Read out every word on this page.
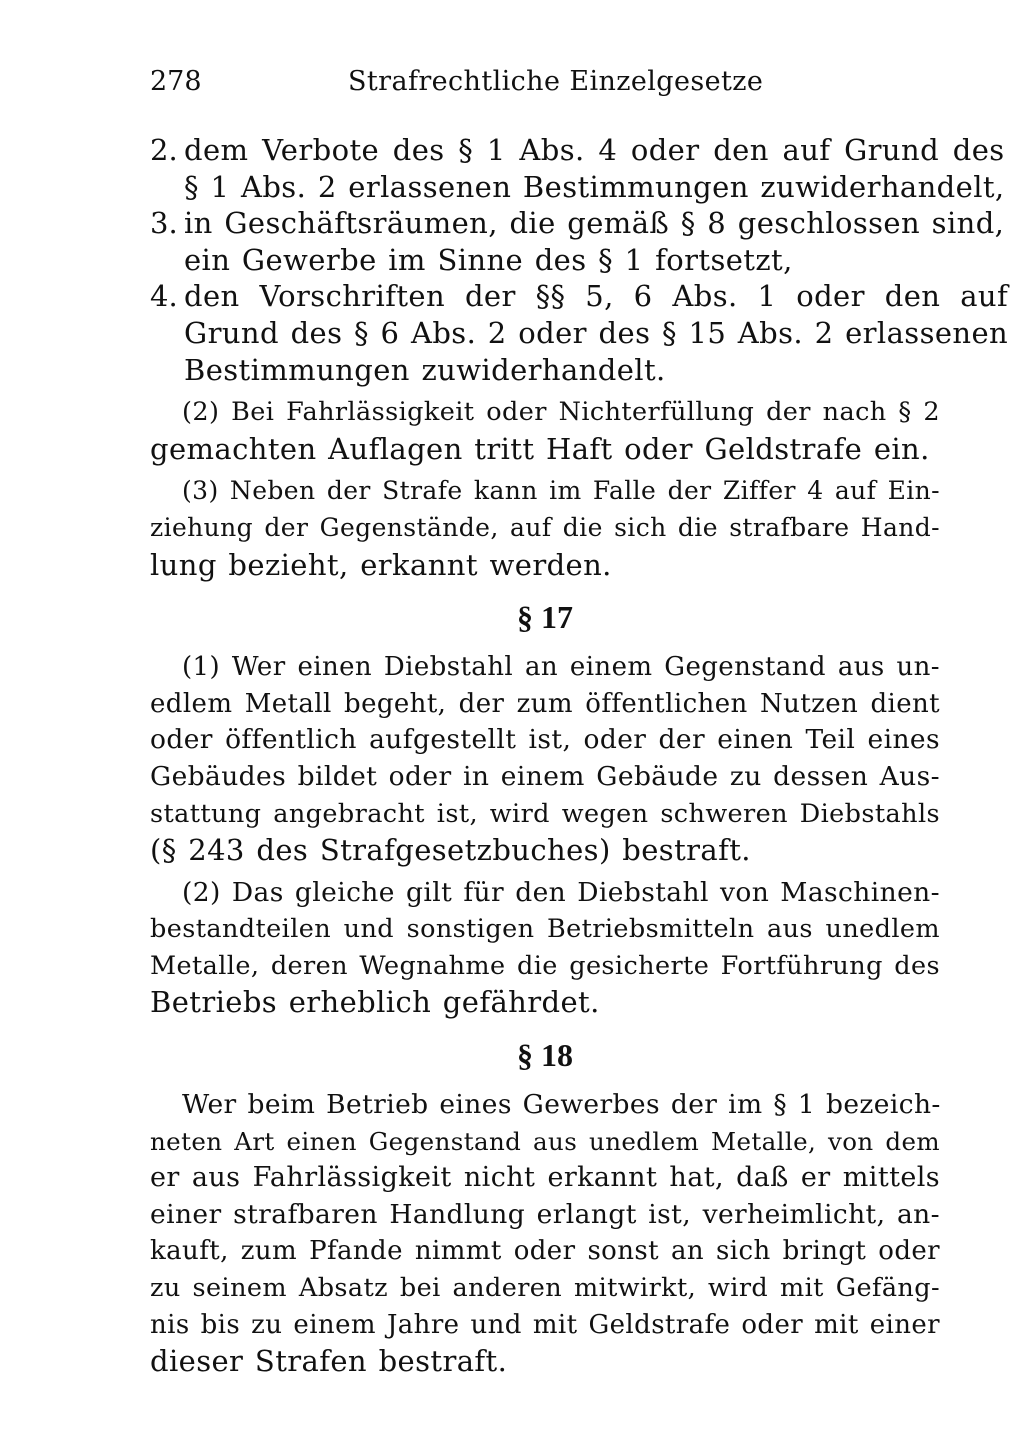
278	Strafrechtliche Einzelgesetze
2. dem Verbote des § 1 Abs. 4 oder den auf Grund des
§ 1 Abs. 2 erlassenen Bestimmungen zuwiderhandelt,
3. in Geschäftsräumen, die gemäß § 8 geschlossen sind,
ein Gewerbe im Sinne des § 1 fortsetzt,
4. den Vorschriften der §§ 5, 6 Abs. 1 oder den auf
Grund des § 6 Abs. 2 oder des § 15 Abs. 2 erlassenen
Bestimmungen zuwiderhandelt.
(2) Bei Fahrlässigkeit oder Nichterfüllung der nach § 2
gemachten Auflagen tritt Haft oder Geldstrafe ein.
(3) Neben der Strafe kann im Falle der Ziffer 4 auf Ein-
ziehung der Gegenstände, auf die sich die strafbare Hand-
lung bezieht, erkannt werden.
§ 17
(1) Wer einen Diebstahl an einem Gegenstand aus un-
edlem Metall begeht, der zum öffentlichen Nutzen dient
oder öffentlich aufgestellt ist, oder der einen Teil eines
Gebäudes bildet oder in einem Gebäude zu dessen Aus-
stattung angebracht ist, wird wegen schweren Diebstahls
(§ 243 des Strafgesetzbuches) bestraft.
(2) Das gleiche gilt für den Diebstahl von Maschinen-
bestandteilen und sonstigen Betriebsmitteln aus unedlem
Metalle, deren Wegnahme die gesicherte Fortführung des
Betriebs erheblich gefährdet.
§ 18
Wer beim Betrieb eines Gewerbes der im § 1 bezeich-
neten Art einen Gegenstand aus unedlem Metalle, von dem
er aus Fahrlässigkeit nicht erkannt hat, daß er mittels
einer strafbaren Handlung erlangt ist, verheimlicht, an-
kauft, zum Pfande nimmt oder sonst an sich bringt oder
zu seinem Absatz bei anderen mitwirkt, wird mit Gefäng-
nis bis zu einem Jahre und mit Geldstrafe oder mit einer
dieser Strafen bestraft.
